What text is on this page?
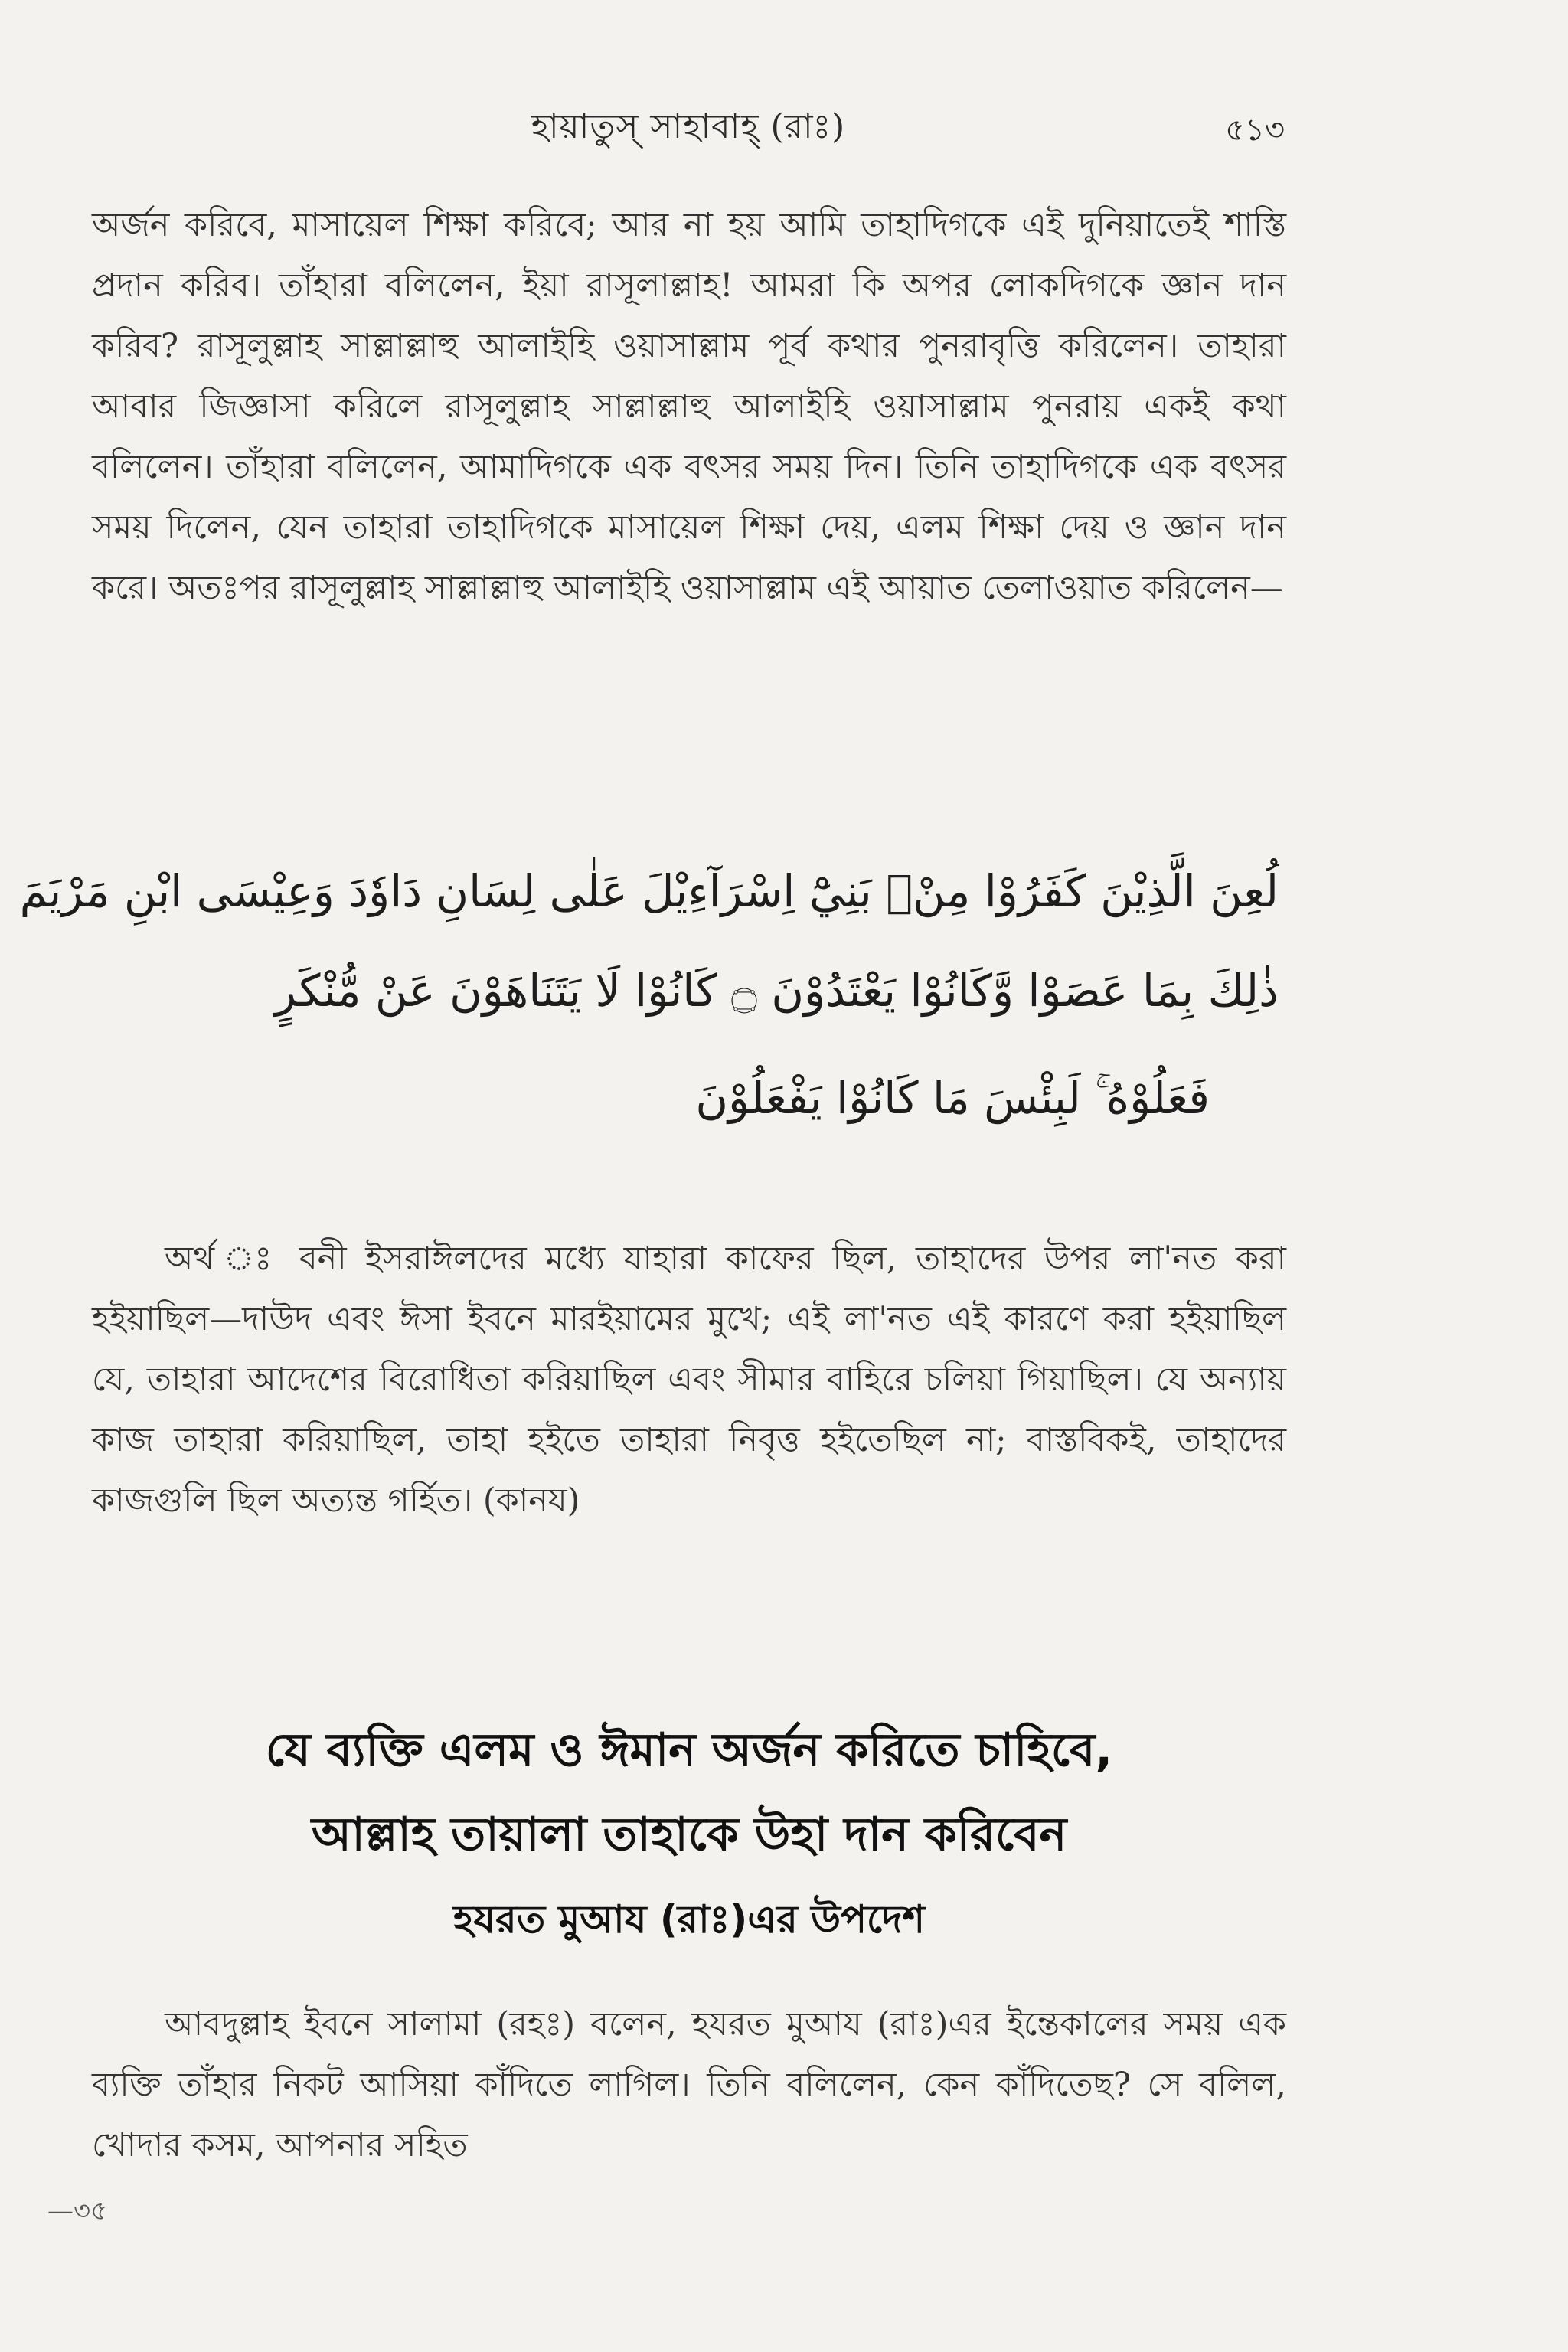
হায়াতুস্ সাহাবাহ্ (রাঃ)	৫১৩

অর্জন করিবে, মাসায়েল শিক্ষা করিবে; আর না হয় আমি তাহাদিগকে এই দুনিয়াতেই শাস্তি প্রদান করিব। তাঁহারা বলিলেন, ইয়া রাসূলাল্লাহ! আমরা কি অপর লোকদিগকে জ্ঞান দান করিব? রাসূলুল্লাহ সাল্লাল্লাহু আলাইহি ওয়াসাল্লাম পূর্ব কথার পুনরাবৃত্তি করিলেন। তাহারা আবার জিজ্ঞাসা করিলে রাসূলুল্লাহ সাল্লাল্লাহু আলাইহি ওয়াসাল্লাম পুনরায় একই কথা বলিলেন। তাঁহারা বলিলেন, আমাদিগকে এক বৎসর সময় দিন। তিনি তাহাদিগকে এক বৎসর সময় দিলেন, যেন তাহারা তাহাদিগকে মাসায়েল শিক্ষা দেয়, এলম শিক্ষা দেয় ও জ্ঞান দান করে। অতঃপর রাসূলুল্লাহ সাল্লাল্লাহু আলাইহি ওয়াসাল্লাম এই আয়াত তেলাওয়াত করিলেন—

لُعِنَ الَّذِيْنَ كَفَرُوْا مِنْۢ بَنِيْٓ اِسْرَآءِيْلَ عَلٰى لِسَانِ دَاوٗدَ وَعِيْسَى ابْنِ مَرْيَمَ
ذٰلِكَ بِمَا عَصَوْا وَّكَانُوْا يَعْتَدُوْنَ ۝ كَانُوْا لَا يَتَنَاهَوْنَ عَنْ مُّنْكَرٍ
فَعَلُوْهُ ۚ لَبِئْسَ مَا كَانُوْا يَفْعَلُوْنَ

অর্থ ঃ বনী ইসরাঈলদের মধ্যে যাহারা কাফের ছিল, তাহাদের উপর লা'নত করা হইয়াছিল—দাউদ এবং ঈসা ইবনে মারইয়ামের মুখে; এই লা'নত এই কারণে করা হইয়াছিল যে, তাহারা আদেশের বিরোধিতা করিয়াছিল এবং সীমার বাহিরে চলিয়া গিয়াছিল। যে অন্যায় কাজ তাহারা করিয়াছিল, তাহা হইতে তাহারা নিবৃত্ত হইতেছিল না; বাস্তবিকই, তাহাদের কাজগুলি ছিল অত্যন্ত গর্হিত। (কানয)

যে ব্যক্তি এলম ও ঈমান অর্জন করিতে চাহিবে,
আল্লাহ তায়ালা তাহাকে উহা দান করিবেন
হযরত মুআয (রাঃ)এর উপদেশ

আবদুল্লাহ ইবনে সালামা (রহঃ) বলেন, হযরত মুআয (রাঃ)এর ইন্তেকালের সময় এক ব্যক্তি তাঁহার নিকট আসিয়া কাঁদিতে লাগিল। তিনি বলিলেন, কেন কাঁদিতেছ? সে বলিল, খোদার কসম, আপনার সহিত

—৩৫
